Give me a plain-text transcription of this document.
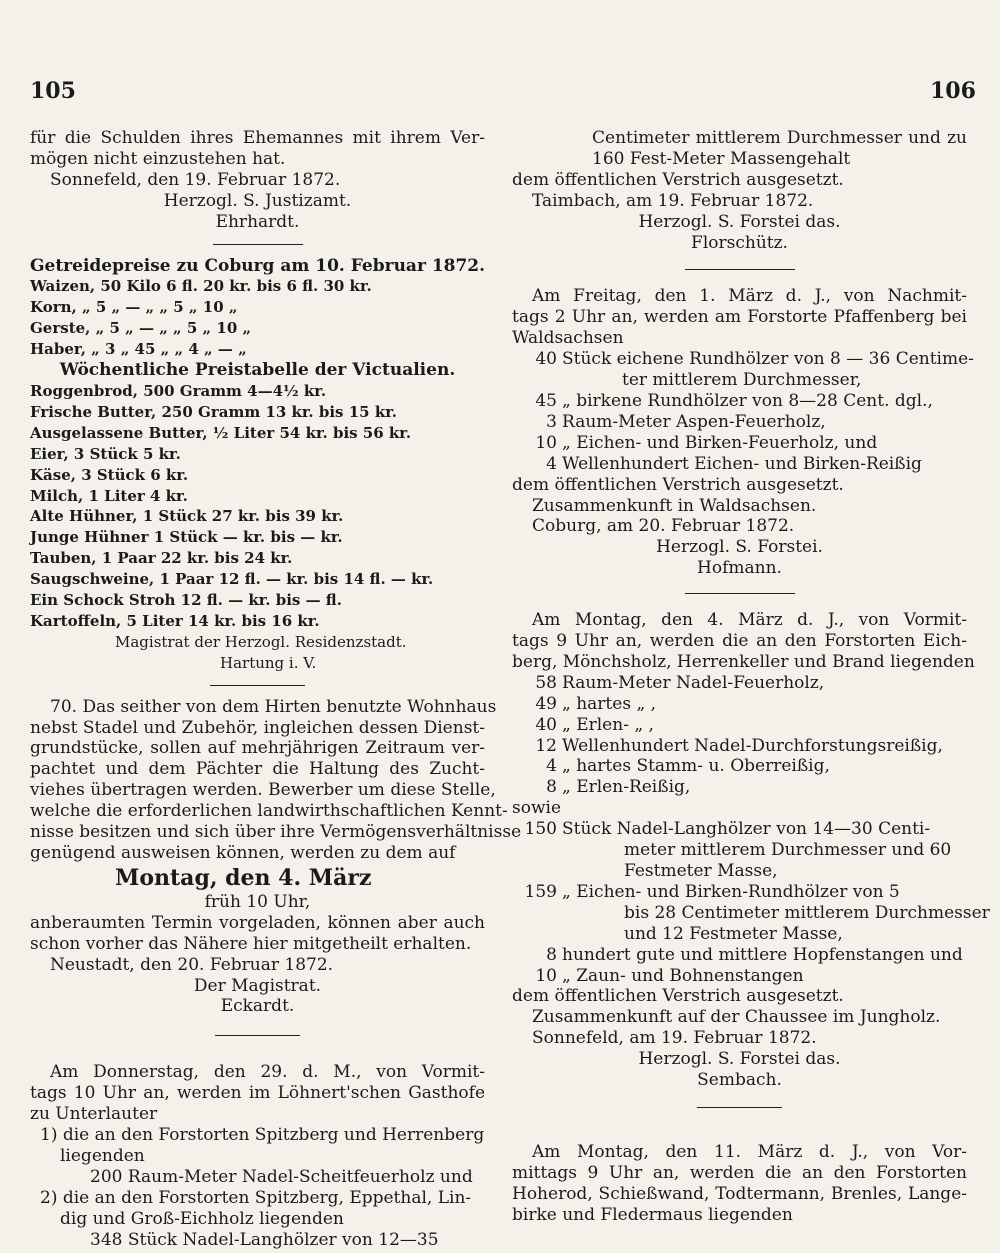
105	106
für die Schulden ihres Ehemannes mit ihrem Ver-
mögen nicht einzustehen hat.
Sonnefeld, den 19. Februar 1872.
Herzogl. S. Justizamt.
Ehrhardt.
Getreidepreise zu Coburg am 10. Februar 1872.
Waizen, 50 Kilo 6 fl. 20 kr. bis 6 fl. 30 kr.
Korn, „ 5 „ — „ „ 5 „ 10 „
Gerste, „ 5 „ — „ „ 5 „ 10 „
Haber, „ 3 „ 45 „ „ 4 „ — „
Wöchentliche Preistabelle der Victualien.
Roggenbrod, 500 Gramm 4—4½ kr.
Frische Butter, 250 Gramm 13 kr. bis 15 kr.
Ausgelassene Butter, ½ Liter 54 kr. bis 56 kr.
Eier, 3 Stück 5 kr.
Käse, 3 Stück 6 kr.
Milch, 1 Liter 4 kr.
Alte Hühner, 1 Stück 27 kr. bis 39 kr.
Junge Hühner 1 Stück — kr. bis — kr.
Tauben, 1 Paar 22 kr. bis 24 kr.
Saugschweine, 1 Paar 12 fl. — kr. bis 14 fl. — kr.
Ein Schock Stroh 12 fl. — kr. bis — fl.
Kartoffeln, 5 Liter 14 kr. bis 16 kr.
Magistrat der Herzogl. Residenzstadt.
Hartung i. V.
70. Das seither von dem Hirten benutzte Wohnhaus
nebst Stadel und Zubehör, ingleichen dessen Dienst-
grundstücke, sollen auf mehrjährigen Zeitraum ver-
pachtet und dem Pächter die Haltung des Zucht-
viehes übertragen werden. Bewerber um diese Stelle,
welche die erforderlichen landwirthschaftlichen Kennt-
nisse besitzen und sich über ihre Vermögensverhältnisse
genügend ausweisen können, werden zu dem auf
Montag, den 4. März
früh 10 Uhr,
anberaumten Termin vorgeladen, können aber auch
schon vorher das Nähere hier mitgetheilt erhalten.
Neustadt, den 20. Februar 1872.
Der Magistrat.
Eckardt.
Am Donnerstag, den 29. d. M., von Vormit-
tags 10 Uhr an, werden im Löhnert'schen Gasthofe
zu Unterlauter
1) die an den Forstorten Spitzberg und Herrenberg
liegenden
200 Raum-Meter Nadel-Scheitfeuerholz und
2) die an den Forstorten Spitzberg, Eppethal, Lin-
dig und Groß-Eichholz liegenden
348 Stück Nadel-Langhölzer von 12—35
Centimeter mittlerem Durchmesser und zu
160 Fest-Meter Massengehalt
dem öffentlichen Verstrich ausgesetzt.
Taimbach, am 19. Februar 1872.
Herzogl. S. Forstei das.
Florschütz.
Am Freitag, den 1. März d. J., von Nachmit-
tags 2 Uhr an, werden am Forstorte Pfaffenberg bei
Waldsachsen
40 Stück eichene Rundhölzer von 8 — 36 Centime-
ter mittlerem Durchmesser,
45 „ birkene Rundhölzer von 8—28 Cent. dgl.,
3 Raum-Meter Aspen-Feuerholz,
10 „ Eichen- und Birken-Feuerholz, und
4 Wellenhundert Eichen- und Birken-Reißig
dem öffentlichen Verstrich ausgesetzt.
Zusammenkunft in Waldsachsen.
Coburg, am 20. Februar 1872.
Herzogl. S. Forstei.
Hofmann.
Am Montag, den 4. März d. J., von Vormit-
tags 9 Uhr an, werden die an den Forstorten Eich-
berg, Mönchsholz, Herrenkeller und Brand liegenden
58 Raum-Meter Nadel-Feuerholz,
49 „ hartes „ ,
40 „ Erlen- „ ,
12 Wellenhundert Nadel-Durchforstungsreißig,
4 „ hartes Stamm- u. Oberreißig,
8 „ Erlen-Reißig,
sowie
150 Stück Nadel-Langhölzer von 14—30 Centi-
meter mittlerem Durchmesser und 60
Festmeter Masse,
159 „ Eichen- und Birken-Rundhölzer von 5
bis 28 Centimeter mittlerem Durchmesser
und 12 Festmeter Masse,
8 hundert gute und mittlere Hopfenstangen und
10 „ Zaun- und Bohnenstangen
dem öffentlichen Verstrich ausgesetzt.
Zusammenkunft auf der Chaussee im Jungholz.
Sonnefeld, am 19. Februar 1872.
Herzogl. S. Forstei das.
Sembach.
Am Montag, den 11. März d. J., von Vor-
mittags 9 Uhr an, werden die an den Forstorten
Hoherod, Schießwand, Todtermann, Brenles, Lange-
birke und Fledermaus liegenden
